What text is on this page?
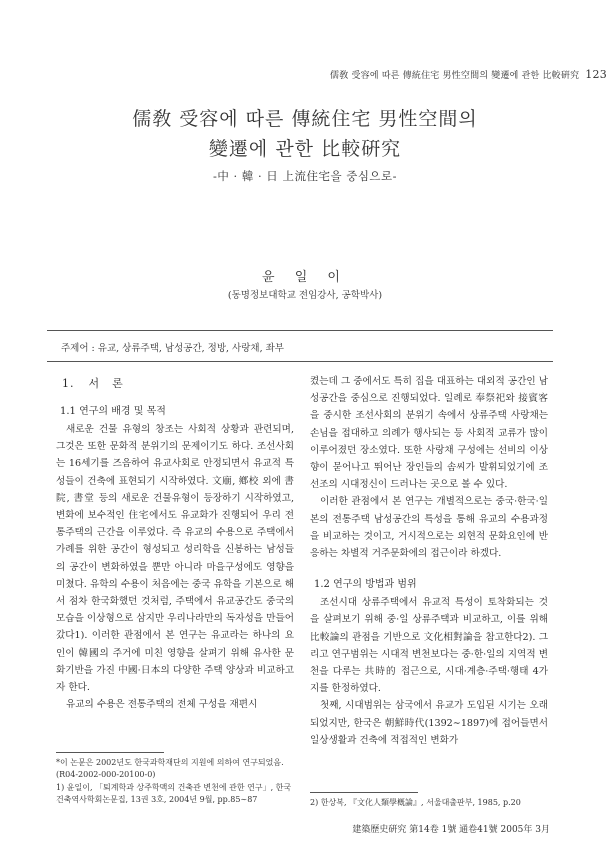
儒敎 受容에 따른 傳統住宅 男性空間의 變遷에 관한 比較硏究 123
儒敎 受容에 따른 傳統住宅 男性空間의
變遷에 관한 比較硏究
-中 · 韓 · 日 上流住宅을 중심으로-
윤 일 이
(동명정보대학교 전임강사, 공학박사)
주제어 : 유교, 상류주택, 남성공간, 정방, 사랑채, 좌부
1. 서　론
1.1 연구의 배경 및 목적

새로운 건물 유형의 창조는 사회적 상황과 관련되며, 그것은 또한 문화적 분위기의 문제이기도 하다. 조선사회는 16세기를 즈음하여 유교사회로 안정되면서 유교적 특성들이 건축에 표현되기 시작하였다. 文廟, 鄕校 외에 書院, 書堂 등의 새로운 건물유형이 등장하기 시작하였고, 변화에 보수적인 住宅에서도 유교화가 진행되어 우리 전통주택의 근간을 이루었다. 즉 유교의 수용으로 주택에서 가례를 위한 공간이 형성되고 성리학을 신봉하는 남성들의 공간이 변화하였을 뿐만 아니라 마을구성에도 영향을 미쳤다. 유학의 수용이 처음에는 중국 유학을 기본으로 해서 점차 한국화했던 것처럼, 주택에서 유교공간도 중국의 모습을 이상형으로 삼지만 우리나라만의 독자성을 만들어갔다1). 이러한 관점에서 본 연구는 유교라는 하나의 요인이 韓國의 주거에 미친 영향을 살펴기 위해 유사한 문화기반을 가진 中國·日本의 다양한 주택 양상과 비교하고자 한다.

유교의 수용은 전통주택의 전체 구성을 재편시

켰는데 그 중에서도 특히 집을 대표하는 대외적 공간인 남성공간을 중심으로 진행되었다. 일례로 奉祭祀와 接賓客을 중시한 조선사회의 분위기 속에서 상류주택 사랑채는 손님을 접대하고 의례가 행사되는 등 사회적 교류가 많이 이루어졌던 장소였다. 또한 사랑채 구성에는 선비의 이상향이 묻어나고 뛰어난 장인들의 솜씨가 발휘되었기에 조선조의 시대정신이 드러나는 곳으로 볼 수 있다.

이러한 관점에서 본 연구는 개별적으로는 중국·한국·일본의 전통주택 남성공간의 특성을 통해 유교의 수용과정을 비교하는 것이고, 거시적으로는 외현적 문화요인에 반응하는 차별적 거주문화에의 접근이라 하겠다.

1.2 연구의 방법과 범위

조선시대 상류주택에서 유교적 특성이 토착화되는 것을 살펴보기 위해 중·일 상류주택과 비교하고, 이를 위해 比較論의 관점을 기반으로 文化相對論을 참고한다2). 그리고 연구범위는 시대적 변천보다는 중·한·일의 지역적 변천을 다루는 共時的 접근으로, 시대·계층·주택·행태 4가지를 한정하였다.

첫째, 시대범위는 삼국에서 유교가 도입된 시기는 오래되었지만, 한국은 朝鮮時代(1392∼1897)에 접어들면서 일상생활과 건축에 적접적인 변화가

*이 논문은 2002년도 한국과학재단의 지원에 의하여 연구되었음.(R04-2002-000-20100-0)

1) 윤일이, 「퇴계학과 상주학맥의 건축관 변천에 관한 연구」, 한국건축역사학회논문집, 13권 3호, 2004년 9월, pp.85∼87	2) 한상복, 『文化人類學槪論』, 서울대출판부, 1985, p.20

建築歷史硏究 第14卷 1號 通卷41號 2005年 3月
